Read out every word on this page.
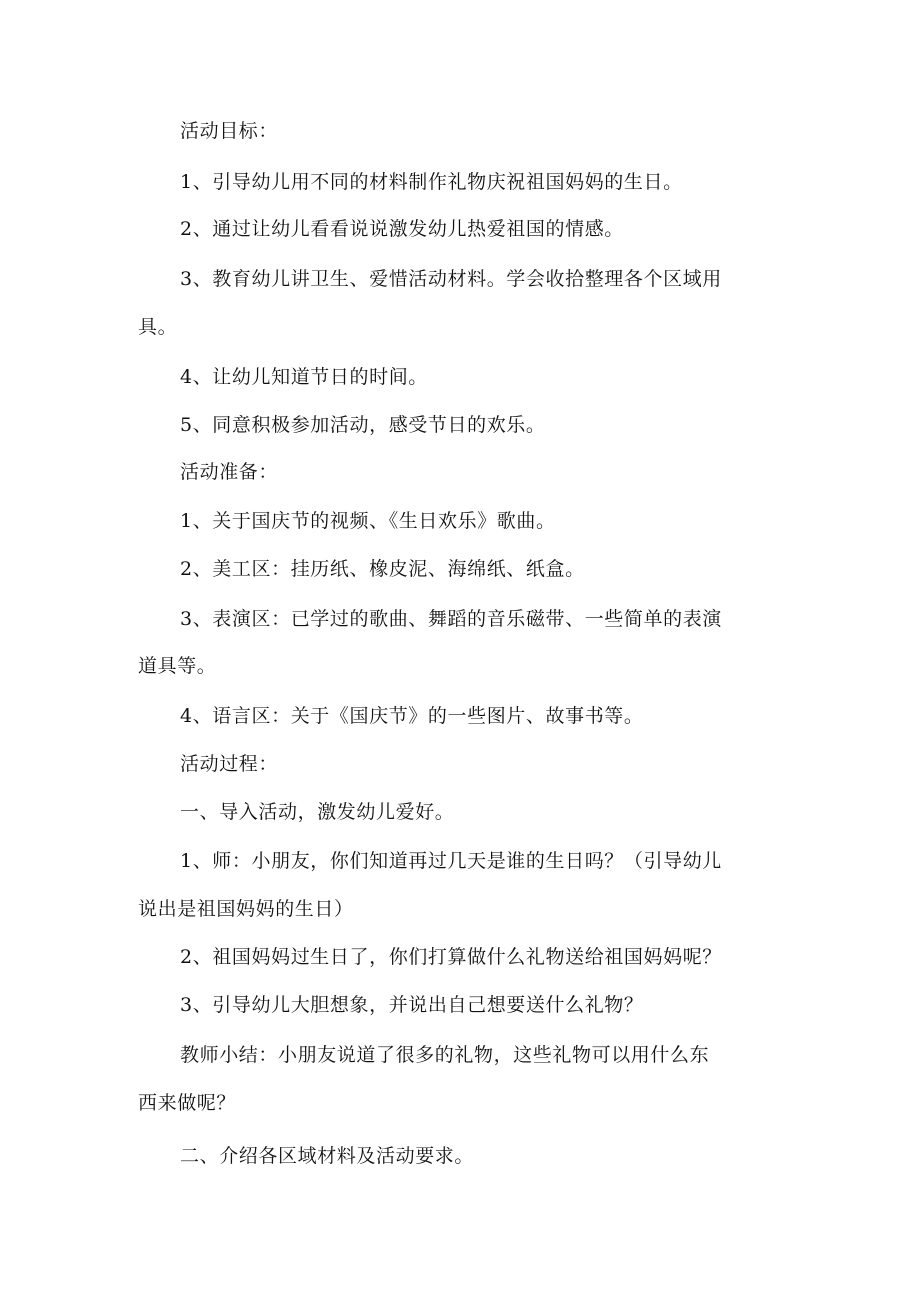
活动目标：
1、引导幼儿用不同的材料制作礼物庆祝祖国妈妈的生日。
2、通过让幼儿看看说说激发幼儿热爱祖国的情感。
3、教育幼儿讲卫生、爱惜活动材料。学会收拾整理各个区域用
具。
4、让幼儿知道节日的时间。
5、同意积极参加活动，感受节日的欢乐。
活动准备：
1、关于国庆节的视频、《生日欢乐》歌曲。
2、美工区：挂历纸、橡皮泥、海绵纸、纸盒。
3、表演区：已学过的歌曲、舞蹈的音乐磁带、一些简单的表演
道具等。
4、语言区：关于《国庆节》的一些图片、故事书等。
活动过程：
一、导入活动，激发幼儿爱好。
1、师：小朋友，你们知道再过几天是谁的生日吗？（引导幼儿
说出是祖国妈妈的生日）
2、祖国妈妈过生日了，你们打算做什么礼物送给祖国妈妈呢？
3、引导幼儿大胆想象，并说出自己想要送什么礼物？
教师小结：小朋友说道了很多的礼物，这些礼物可以用什么东
西来做呢？
二、介绍各区域材料及活动要求。
